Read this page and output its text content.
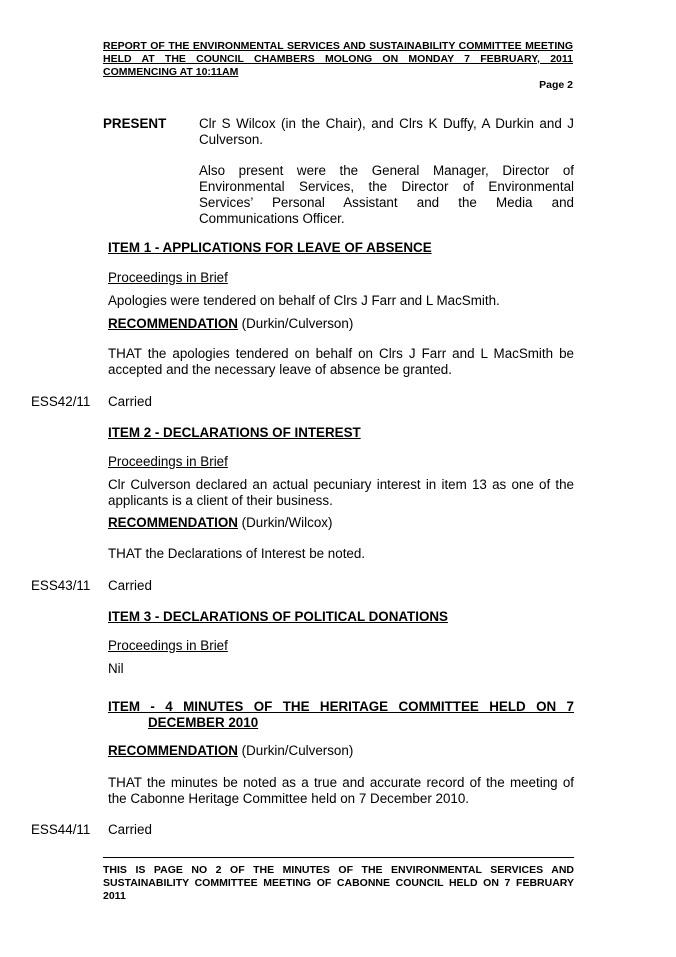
REPORT OF THE ENVIRONMENTAL SERVICES AND SUSTAINABILITY COMMITTEE MEETING HELD AT THE COUNCIL CHAMBERS MOLONG ON MONDAY 7 FEBRUARY, 2011 COMMENCING AT 10:11AM
Page 2
PRESENT Clr S Wilcox (in the Chair), and Clrs K Duffy, A Durkin and J Culverson.
Also present were the General Manager, Director of Environmental Services, the Director of Environmental Services’ Personal Assistant and the Media and Communications Officer.
ITEM 1 - APPLICATIONS FOR LEAVE OF ABSENCE
Proceedings in Brief
Apologies were tendered on behalf of Clrs J Farr and L MacSmith.
RECOMMENDATION (Durkin/Culverson)
THAT the apologies tendered on behalf on Clrs J Farr and L MacSmith be accepted and the necessary leave of absence be granted.
ESS42/11 Carried
ITEM 2 - DECLARATIONS OF INTEREST
Proceedings in Brief
Clr Culverson declared an actual pecuniary interest in item 13 as one of the applicants is a client of their business.
RECOMMENDATION (Durkin/Wilcox)
THAT the Declarations of Interest be noted.
ESS43/11 Carried
ITEM 3 - DECLARATIONS OF POLITICAL DONATIONS
Proceedings in Brief
Nil
ITEM - 4 MINUTES OF THE HERITAGE COMMITTEE HELD ON 7
DECEMBER 2010
RECOMMENDATION (Durkin/Culverson)
THAT the minutes be noted as a true and accurate record of the meeting of the Cabonne Heritage Committee held on 7 December 2010.
ESS44/11 Carried
THIS IS PAGE NO 2 OF THE MINUTES OF THE ENVIRONMENTAL SERVICES AND SUSTAINABILITY COMMITTEE MEETING OF CABONNE COUNCIL HELD ON 7 FEBRUARY 2011
